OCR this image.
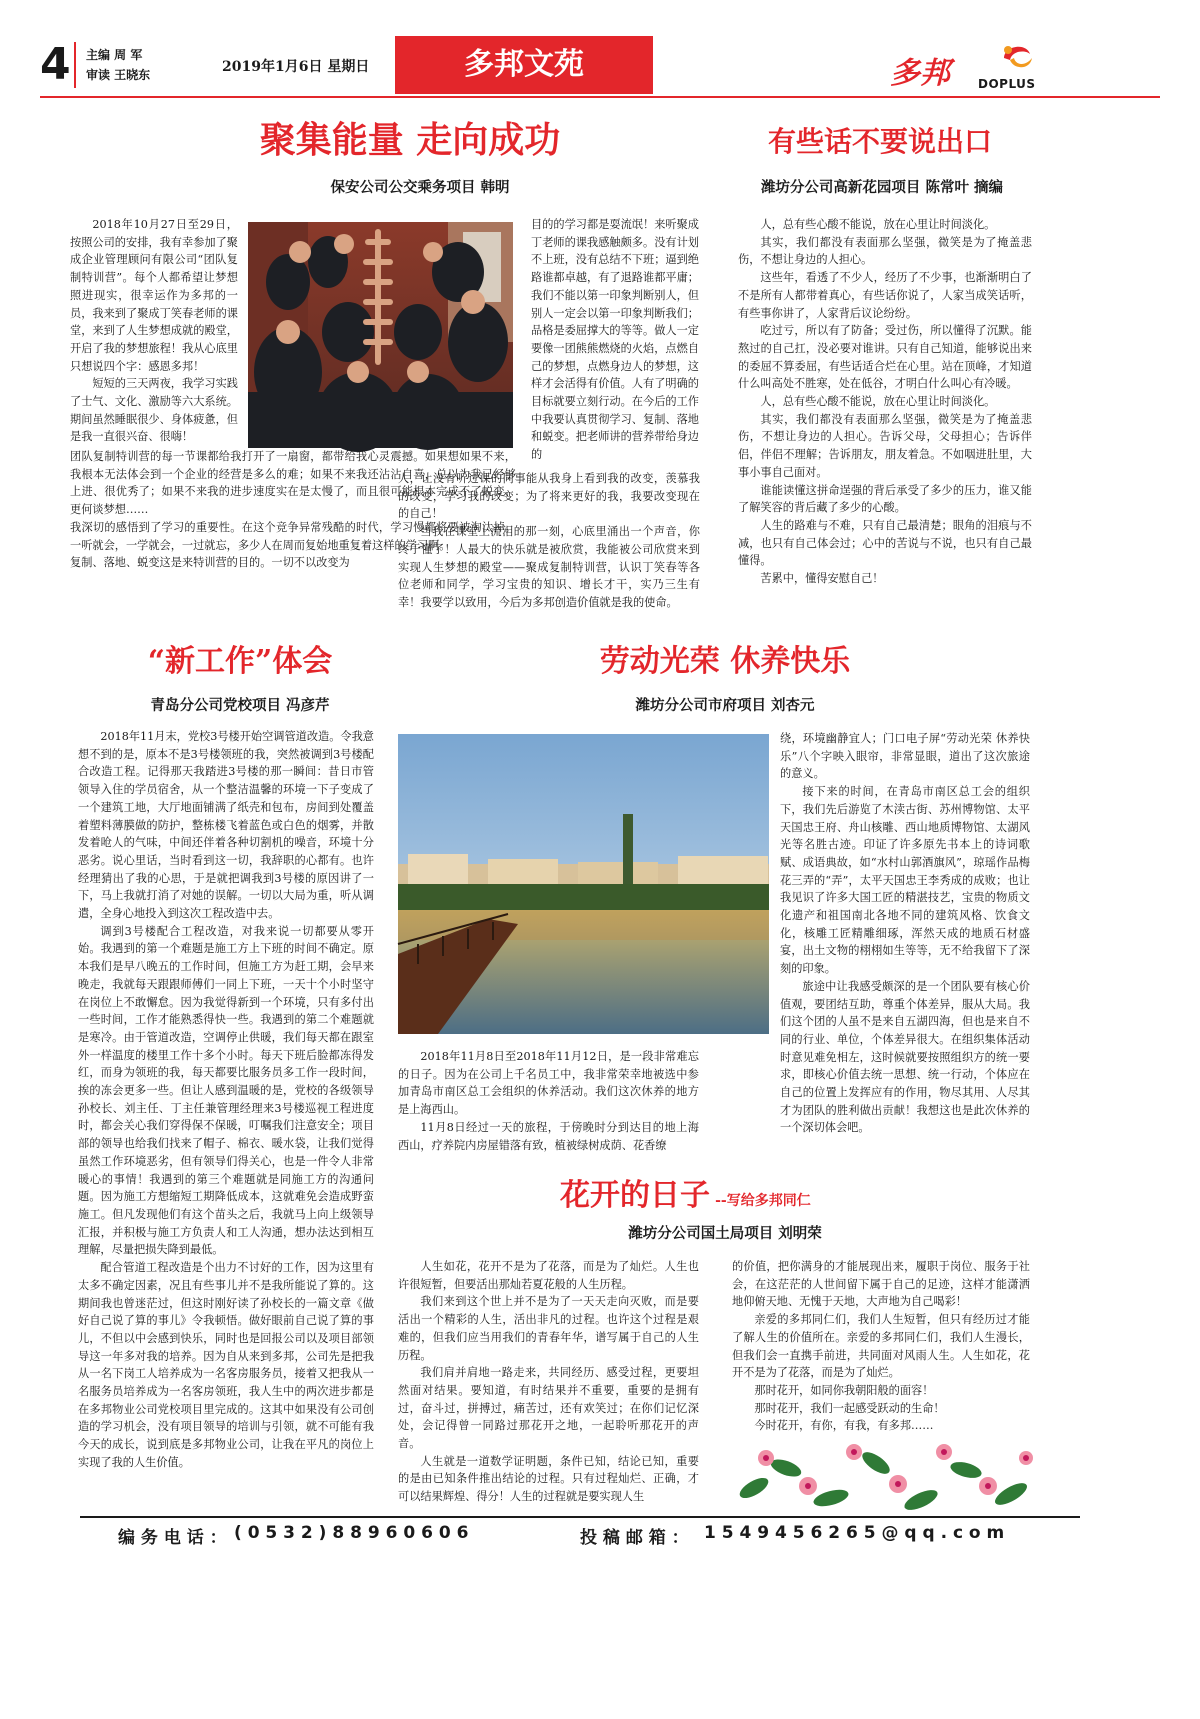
4 主编 周 军
审读 王晓东	2019年1月6日 星期日	多邦文苑	多邦 DOPLUS
聚集能量 走向成功
保安公司公交乘务项目 韩明

2018年10月27日至29日，按照公司的安排，我有幸参加了聚成企业管理顾问有限公司“团队复制特训营”。每个人都希望让梦想照进现实，很幸运作为多邦的一员，我来到了聚成丁笑春老师的课堂，来到了人生梦想成就的殿堂，开启了我的梦想旅程！我从心底里只想说四个字：感恩多邦！

短短的三天两夜，我学习实践了士气、文化、激励等六大系统。期间虽然睡眠很少、身体疲惫，但是我一直很兴奋、很嗨！

团队复制特训营的每一节课都给我打开了一扇窗，都带给我心灵震撼。如果想如果不来，我根本无法体会到一个企业的经营是多么的难；如果不来我还沾沾自喜，总以为我已经够上进、很优秀了；如果不来我的进步速度实在是太慢了，而且很可能根本完成不了蜕变、更何谈梦想……

我深切的感悟到了学习的重要性。在这个竞争异常残酷的时代，学习慢都将要被淘汰掉。一听就会，一学就会，一过就忘，多少人在周而复始地重复着这样的学习啊。

复制、落地、蜕变这是来特训营的目的。一切不以改变为

目的的学习都是耍流氓！来听聚成丁老师的课我感触颇多。没有计划不上班，没有总结不下班；逼到绝路谁都卓越，有了退路谁都平庸；我们不能以第一印象判断别人，但别人一定会以第一印象判断我们；品格是委屈撑大的等等。做人一定要像一团熊熊燃烧的火焰，点燃自己的梦想，点燃身边人的梦想，这样才会活得有价值。人有了明确的目标就要立刻行动。在今后的工作中我要认真贯彻学习、复制、落地和蜕变。把老师讲的营养带给身边的

人，让没有听过课的同事能从我身上看到我的改变，羡慕我的改变，学习我的改变；为了将来更好的我，我要改变现在的自己！

当我在课堂上流泪的那一刻，心底里涌出一个声音，你终于懂了！人最大的快乐就是被欣赏，我能被公司欣赏来到实现人生梦想的殿堂——聚成复制特训营，认识丁笑春等各位老师和同学，学习宝贵的知识、增长才干，实乃三生有幸！我要学以致用，今后为多邦创造价值就是我的使命。

有些话不要说出口
潍坊分公司高新花园项目 陈常叶 摘编

人，总有些心酸不能说，放在心里让时间淡化。

其实，我们都没有表面那么坚强，微笑是为了掩盖悲伤，不想让身边的人担心。

这些年，看透了不少人，经历了不少事，也渐渐明白了不是所有人都带着真心，有些话你说了，人家当成笑话听，有些事你讲了，人家背后议论纷纷。

吃过亏，所以有了防备；受过伤，所以懂得了沉默。能熬过的自己扛，没必要对谁讲。只有自己知道，能够说出来的委屈不算委屈，有些话适合烂在心里。站在顶峰，才知道什么叫高处不胜寒，处在低谷，才明白什么叫心有冷暖。

人，总有些心酸不能说，放在心里让时间淡化。

其实，我们都没有表面那么坚强，微笑是为了掩盖悲伤，不想让身边的人担心。告诉父母，父母担心；告诉伴侣，伴侣不理解；告诉朋友，朋友着急。不如咽进肚里，大事小事自己面对。

谁能读懂这拼命逞强的背后承受了多少的压力，谁又能了解笑容的背后藏了多少的心酸。

人生的路难与不难，只有自己最清楚；眼角的泪痕与不减，也只有自己体会过；心中的苦说与不说，也只有自己最懂得。

苦累中，懂得安慰自己！

“新工作”体会
青岛分公司党校项目 冯彦芹

2018年11月末，党校3号楼开始空调管道改造。令我意想不到的是，原本不是3号楼领班的我，突然被调到3号楼配合改造工程。记得那天我踏进3号楼的那一瞬间：昔日市管领导入住的学员宿舍，从一个整洁温馨的环境一下子变成了一个建筑工地，大厅地面铺满了纸壳和包布，房间到处覆盖着塑料薄膜做的防护，整栋楼飞着蓝色或白色的烟雾，并散发着呛人的气味，中间还伴着各种切割机的噪音，环境十分恶劣。说心里话，当时看到这一切，我辞职的心都有。也许经理猜出了我的心思，于是就把调我到3号楼的原因讲了一下，马上我就打消了对她的误解。一切以大局为重，听从调遣，全身心地投入到这次工程改造中去。

调到3号楼配合工程改造，对我来说一切都要从零开始。我遇到的第一个难题是施工方上下班的时间不确定。原本我们是早八晚五的工作时间，但施工方为赶工期，会早来晚走，我就每天跟跟师傅们一同上下班，一天十个小时坚守在岗位上不敢懈怠。因为我觉得新到一个环境，只有多付出一些时间，工作才能熟悉得快一些。我遇到的第二个难题就是寒冷。由于管道改造，空调停止供暖，我们每天都在跟室外一样温度的楼里工作十多个小时。每天下班后脸都冻得发红，而身为领班的我，每天都要比服务员多工作一段时间，挨的冻会更多一些。但让人感到温暖的是，党校的各级领导孙校长、刘主任、丁主任兼管理经理来3号楼巡视工程进度时，都会关心我们穿得保不保暖，叮嘱我们注意安全；项目部的领导也给我们找来了帽子、棉衣、暖水袋，让我们觉得虽然工作环境恶劣，但有领导们得关心，也是一件令人非常暖心的事情！我遇到的第三个难题就是同施工方的沟通问题。因为施工方想缩短工期降低成本，这就难免会造成野蛮施工。但凡发现他们有这个苗头之后，我就马上向上级领导汇报，并积极与施工方负责人和工人沟通，想办法达到相互理解，尽量把损失降到最低。

配合管道工程改造是个出力不讨好的工作，因为这里有太多不确定因素，况且有些事儿并不是我所能说了算的。这期间我也曾迷茫过，但这时刚好读了孙校长的一篇文章《做好自己说了算的事儿》令我顿悟。做好眼前自己说了算的事儿，不但以中会感到快乐，同时也是回报公司以及项目部领导这一年多对我的培养。因为自从来到多邦，公司先是把我从一名下岗工人培养成为一名客房服务员，接着又把我从一名服务员培养成为一名客房领班，我人生中的两次进步都是在多邦物业公司党校项目里完成的。这其中如果没有公司创造的学习机会，没有项目领导的培训与引领，就不可能有我今天的成长，说到底是多邦物业公司，让我在平凡的岗位上实现了我的人生价值。

劳动光荣 休养快乐
潍坊分公司市府项目 刘杏元

2018年11月8日至2018年11月12日，是一段非常难忘的日子。因为在公司上千名员工中，我非常荣幸地被选中参加青岛市南区总工会组织的休养活动。我们这次休养的地方是上海西山。

11月8日经过一天的旅程，于傍晚时分到达目的地上海西山，疗养院内房屋错落有致，植被绿树成荫、花香缭

绕，环境幽静宜人；门口电子屏“劳动光荣 休养快乐”八个字映入眼帘，非常显眼，道出了这次旅途的意义。

接下来的时间，在青岛市南区总工会的组织下，我们先后游览了木渎古街、苏州博物馆、太平天国忠王府、舟山核雕、西山地质博物馆、太湖风光等名胜古迹。印证了许多原先书本上的诗词歌赋、成语典故，如“水村山郭酒旗风”，琼瑶作品梅花三弄的“弄”，太平天国忠王李秀成的成败；也让我见识了许多大国工匠的精湛技艺，宝贵的物质文化遗产和祖国南北各地不同的建筑风格、饮食文化，核雕工匠精雕细琢，浑然天成的地质石材盛宴，出土文物的栩栩如生等等，无不给我留下了深刻的印象。

旅途中让我感受颇深的是一个团队要有核心价值观，要团结互助，尊重个体差异，服从大局。我们这个团的人虽不是来自五湖四海，但也是来自不同的行业、单位，个体差异很大。在组织集体活动时意见难免相左，这时候就要按照组织方的统一要求，即核心价值去统一思想、统一行动，个体应在自己的位置上发挥应有的作用，物尽其用、人尽其才为团队的胜利做出贡献！我想这也是此次休养的一个深切体会吧。

花开的日子 --写给多邦同仁
潍坊分公司国土局项目 刘明荣

人生如花，花开不是为了花落，而是为了灿烂。人生也许很短暂，但要活出那灿若夏花般的人生历程。

我们来到这个世上并不是为了一天天走向灭败，而是要活出一个精彩的人生，活出非凡的过程。也许这个过程是艰难的，但我们应当用我们的青春年华，谱写属于自己的人生历程。

我们肩并肩地一路走来，共同经历、感受过程，更要坦然面对结果。要知道，有时结果并不重要，重要的是拥有过，奋斗过，拼搏过，痛苦过，还有欢笑过；在你们记忆深处，会记得曾一同路过那花开之地，一起聆听那花开的声音。

人生就是一道数学证明题，条件已知，结论已知，重要的是由已知条件推出结论的过程。只有过程灿烂、正确，才可以结果辉煌、得分！人生的过程就是要实现人生

的价值，把你满身的才能展现出来，履职于岗位、服务于社会，在这茫茫的人世间留下属于自己的足迹，这样才能潇洒地仰俯天地、无愧于天地，大声地为自己喝彩！

亲爱的多邦同仁们，我们人生短暂，但只有经历过才能了解人生的价值所在。亲爱的多邦同仁们，我们人生漫长，但我们会一直携手前进，共同面对风雨人生。人生如花，花开不是为了花落，而是为了灿烂。

那时花开，如同你我朝阳般的面容！

那时花开，我们一起感受跃动的生命！

今时花开，有你，有我，有多邦……

编 务 电 话 ： ( 0 5 3 2 ) 8 8 9 6 0 6 0 6	投 稿 邮 箱 ： 1 5 4 9 4 5 6 2 6 5 @ q q . c o m
